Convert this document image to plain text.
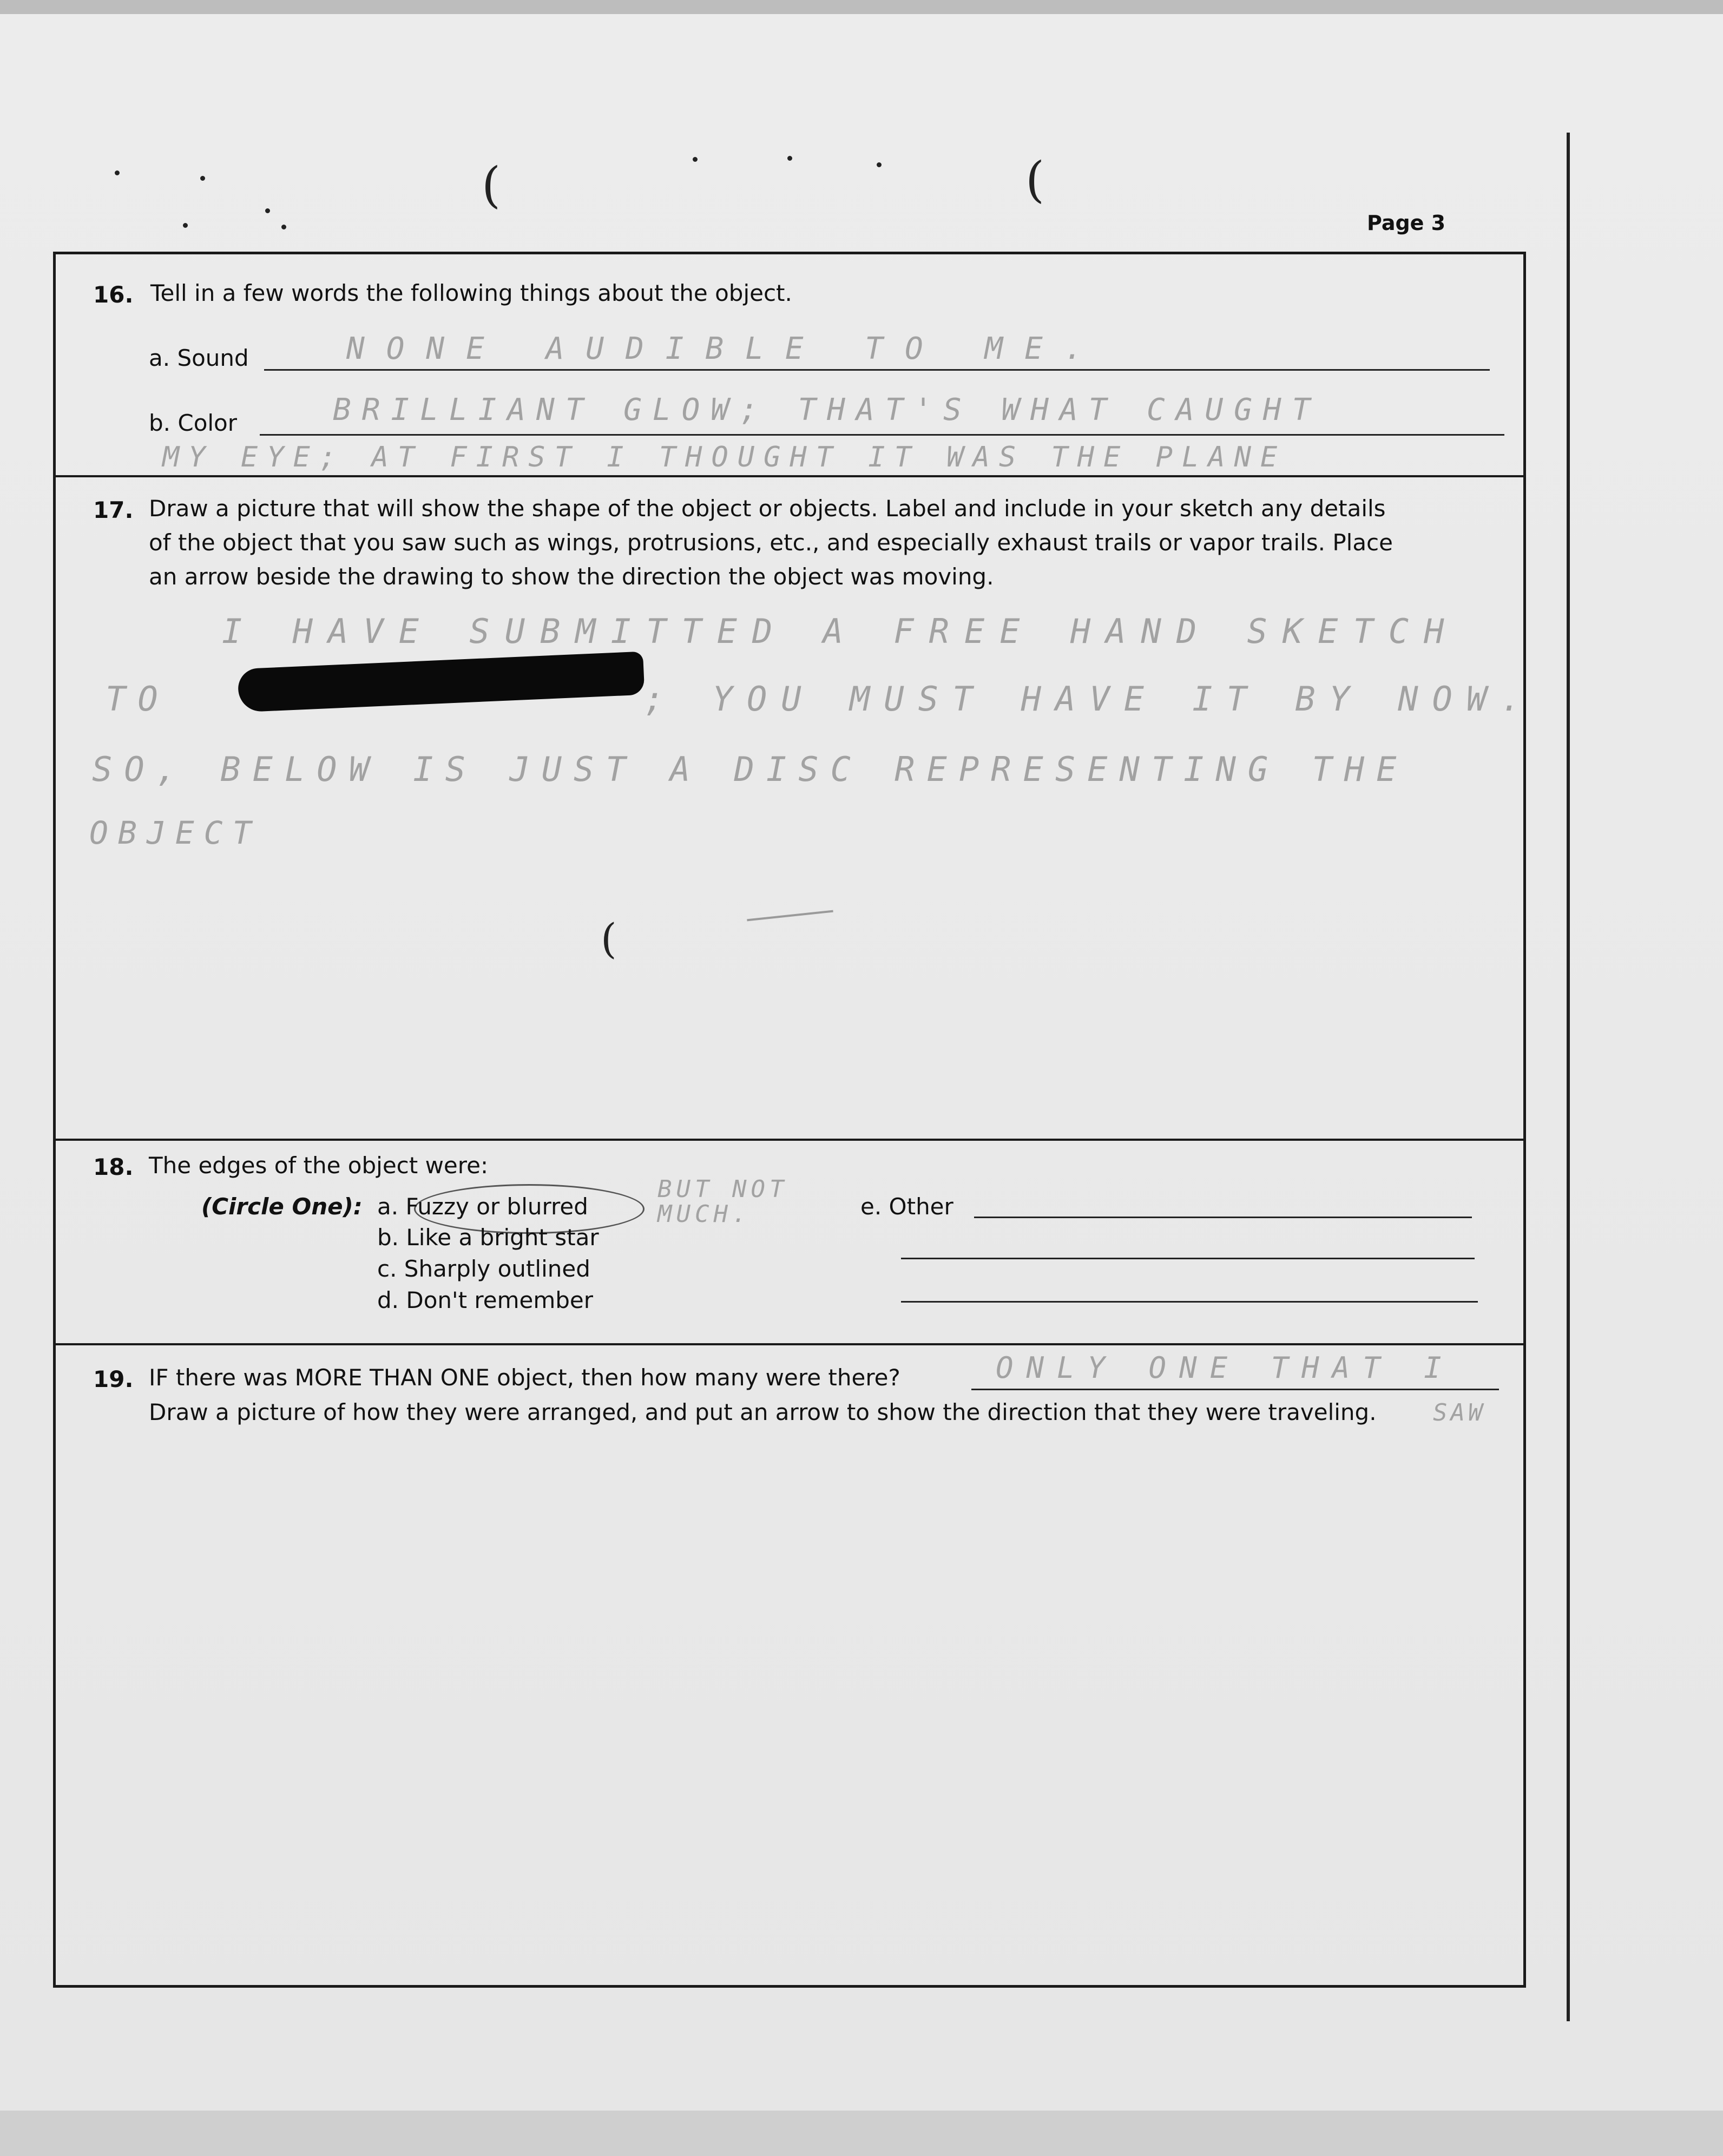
(	(
Page 3
16. Tell in a few words the following things about the object.
a. Sound	NONE AUDIBLE TO ME.
b. Color	BRILLIANT GLOW; THAT'S WHAT CAUGHT
MY EYE; AT FIRST I THOUGHT IT WAS THE PLANE
17. Draw a picture that will show the shape of the object or objects. Label and include in your sketch any details
of the object that you saw such as wings, protrusions, etc., and especially exhaust trails or vapor trails. Place
an arrow beside the drawing to show the direction the object was moving.
I HAVE SUBMITTED A FREE HAND SKETCH
TO	; YOU MUST HAVE IT BY NOW.
SO, BELOW IS JUST A DISC REPRESENTING THE
OBJECT
(
18. The edges of the object were:
(Circle One): a. Fuzzy or blurred
b. Like a bright star
c. Sharply outlined
d. Don't remember
BUT NOT MUCH.	e. Other
19. IF there was MORE THAN ONE object, then how many were there?	ONLY ONE THAT I
Draw a picture of how they were arranged, and put an arrow to show the direction that they were traveling. SAW
